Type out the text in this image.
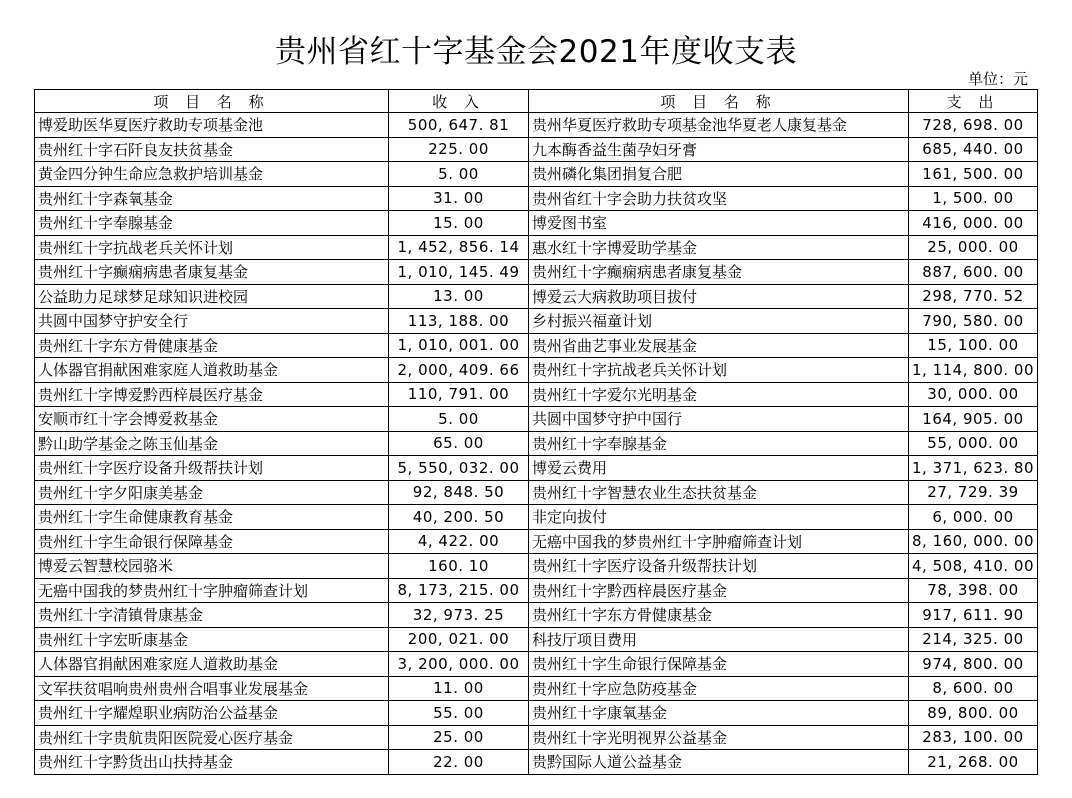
贵州省红十字基金会2021年度收支表
单位：元
项 目 名 称	收 入	项 目 名 称	支 出
博爱助医华夏医疗救助专项基金池	500, 647. 81	贵州华夏医疗救助专项基金池华夏老人康复基金	728, 698. 00
贵州红十字石阡良友扶贫基金	225. 00	九本酶香益生菌孕妇牙膏	685, 440. 00
黄金四分钟生命应急救护培训基金	5. 00	贵州磷化集团捐复合肥	161, 500. 00
贵州红十字森氧基金	31. 00	贵州省红十字会助力扶贫攻坚	1, 500. 00
贵州红十字奉腺基金	15. 00	博爱图书室	416, 000. 00
贵州红十字抗战老兵关怀计划	1, 452, 856. 14	惠水红十字博爱助学基金	25, 000. 00
贵州红十字癫痫病患者康复基金	1, 010, 145. 49	贵州红十字癫痫病患者康复基金	887, 600. 00
公益助力足球梦足球知识进校园	13. 00	博爱云大病救助项目拔付	298, 770. 52
共圆中国梦守护安全行	113, 188. 00	乡村振兴福童计划	790, 580. 00
贵州红十字东方骨健康基金	1, 010, 001. 00	贵州省曲艺事业发展基金	15, 100. 00
人体器官捐献困难家庭人道救助基金	2, 000, 409. 66	贵州红十字抗战老兵关怀计划	1, 114, 800. 00
贵州红十字博爱黔西梓晨医疗基金	110, 791. 00	贵州红十字爱尔光明基金	30, 000. 00
安顺市红十字会博爱救基金	5. 00	共圆中国梦守护中国行	164, 905. 00
黔山助学基金之陈玉仙基金	65. 00	贵州红十字奉腺基金	55, 000. 00
贵州红十字医疗设备升级帮扶计划	5, 550, 032. 00	博爱云费用	1, 371, 623. 80
贵州红十字夕阳康美基金	92, 848. 50	贵州红十字智慧农业生态扶贫基金	27, 729. 39
贵州红十字生命健康教育基金	40, 200. 50	非定向拔付	6, 000. 00
贵州红十字生命银行保障基金	4, 422. 00	无癌中国我的梦贵州红十字肿瘤筛查计划	8, 160, 000. 00
博爱云智慧校园骆米	160. 10	贵州红十字医疗设备升级帮扶计划	4, 508, 410. 00
无癌中国我的梦贵州红十字肿瘤筛查计划	8, 173, 215. 00	贵州红十字黔西梓晨医疗基金	78, 398. 00
贵州红十字清镇骨康基金	32, 973. 25	贵州红十字东方骨健康基金	917, 611. 90
贵州红十字宏昕康基金	200, 021. 00	科技厅项目费用	214, 325. 00
人体器官捐献困难家庭人道救助基金	3, 200, 000. 00	贵州红十字生命银行保障基金	974, 800. 00
文军扶贫唱响贵州贵州合唱事业发展基金	11. 00	贵州红十字应急防疫基金	8, 600. 00
贵州红十字耀煌职业病防治公益基金	55. 00	贵州红十字康氧基金	89, 800. 00
贵州红十字贵航贵阳医院爱心医疗基金	25. 00	贵州红十字光明视界公益基金	283, 100. 00
贵州红十字黔货出山扶持基金	22. 00	贵黔国际人道公益基金	21, 268. 00
